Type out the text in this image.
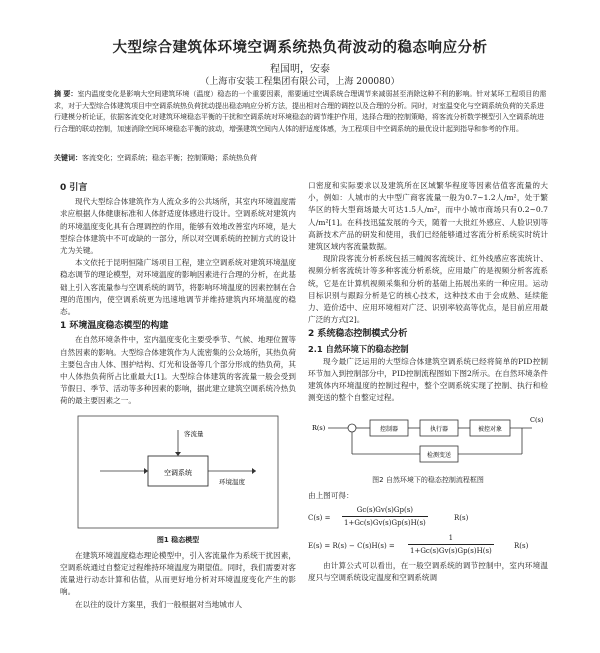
大型综合建筑体环境空调系统热负荷波动的稳态响应分析
程国明，安泰
（上海市安装工程集团有限公司，上海 200080）
摘 要：室内温度变化是影响大空间建筑环境（温度）稳态的一个重要因素，需要通过空调系统合理调节来减弱甚至消除这种不利的影响。针对某环工程项目的需求，对于大型综合体建筑项目中空调系统热负荷扰动提出稳态响应分析方法，提出相对合理的调控以及合理的分析。同时，对室温变化与空调系统负荷的关系进行建模分析论证，依据客流变化对建筑环境稳态平衡的干扰和空调系统对环境稳态的调节维护作用，选择合理的控制策略，将客流分析数学模型引入空调系统进行合理的联动控制，加速消除空间环境稳态平衡的波动，增强建筑空间内人体的舒适度体感，为工程项目中空调系统的最优设计起到指导和参考的作用。
关键词：客流变化；空调系统；稳态平衡；控制策略；系统热负荷
0 引言

现代大型综合体建筑作为人流众多的公共场所，其室内环境温度需求应根据人体健康标准和人体舒适度体感进行设计。空调系统对建筑内的环境温度变化具有合理调控的作用，能够有效地改善室内环境，是大型综合体建筑中不可或缺的一部分，所以对空调系统的控制方式的设计尤为关键。

本文依托于昆明恒隆广场项目工程，建立空调系统对建筑环境温度稳态调节的理论模型，对环境温度的影响因素进行合理的分析，在此基础上引入客流量参与空调系统的调节，将影响环境温度的因素控制在合理的范围内，使空调系统更为迅速地调节并维持建筑内环境温度的稳态。

1 环境温度稳态模型的构建

在自然环境条件中，室内温度变化主要受季节、气候、地理位置等自然因素的影响。大型综合体建筑作为人流密集的公众场所，其热负荷主要包含由人体、围护结构、灯光和设备等几个部分形成的热负荷，其中人体热负荷所占比重最大[1]。大型综合体建筑的客流量一般会受到节假日、季节、活动等多种因素的影响，据此建立建筑空调系统冷热负荷的最主要因素之一。

空调系统
客流量
环境温度
图1 稳态模型

在建筑环境温度稳态理论模型中，引入客流量作为系统干扰因素，空调系统通过自整定过程维持环境温度为期望值。同时，我们需要对客流量进行动态计算和估值，从而更好地分析对环境温度变化产生的影响。

在以往的设计方案里，我们一般根据对当地城市人

口密度和实际要求以及建筑所在区域繁华程度等因素估值客流量的大小，例如：人城市的大中型广商客流量一般为0.7~1.2人/m²，处于繁华区的特大型商场最大可达1.5人/m²，而中小城市商场只有0.2~0.7人/m²[1]。在科技迅猛发展的今天，随着一大批红外感应、人脸识别等高新技术产品的研发和使用，我们已经能够通过客流分析系统实时统计建筑区域内客流量数据。

现阶段客流分析系统包括三幢阀客流统计、红外线感应客流统计、视频分析客流统计等多种客流分析系统，应用最广的是视频分析客流系统，它是在计算机视频采集和分析的基础上拓展出来的一种应用。运动目标识别与跟踪分析是它的核心技术，这种技术由于会成熟、延续能力、造价适中、应用环境相对广泛、识别率较高等优点，是目前应用最广泛的方式[2]。

2 系统稳态控制模式分析
2.1 自然环境下的稳态控制

现今最广泛运用的大型综合体建筑空调系统已经将简单的PID控制环节加入到控制部分中，PID控制流程图如下图2所示。在自然环境条件建筑体内环境温度的控制过程中，整个空调系统实现了控制、执行和检测变送的整个自整定过程。

R(s)	控制器	执行器	被控对象
C(s)
检测变送
图2 自然环境下的稳态控制流程框图
由上图可得：
$C(s) = \frac{Gc(s)Gv(s)Gp(s)}{1+Gc(s)Gv(s)Gp(s)H(s)}$	R(s)
$E(s) = R(s) - C(s)H(s) = \frac{1}{1+Gc(s)Gv(s)Gp(s)H(s)}$	R(s)

由计算公式可以看出，在一般空调系统的调节控制中，室内环境温度只与空调系统设定温度和空调系统调
